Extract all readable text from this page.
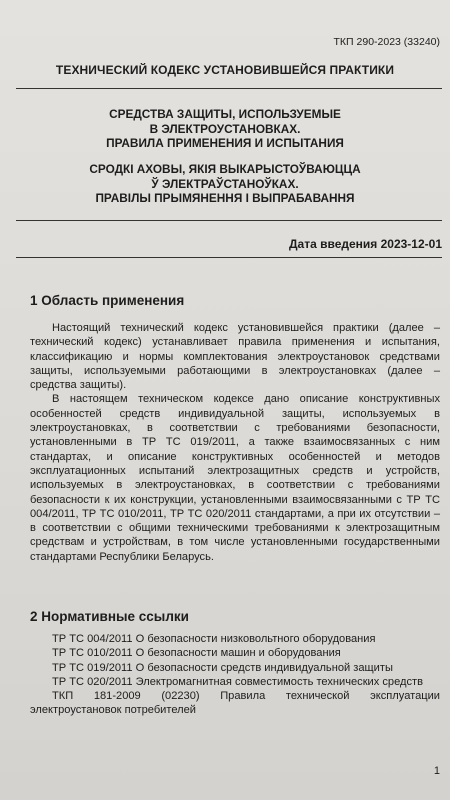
ТКП 290-2023 (33240)
ТЕХНИЧЕСКИЙ КОДЕКС УСТАНОВИВШЕЙСЯ ПРАКТИКИ
СРЕДСТВА ЗАЩИТЫ, ИСПОЛЬЗУЕМЫЕ
В ЭЛЕКТРОУСТАНОВКАХ.
ПРАВИЛА ПРИМЕНЕНИЯ И ИСПЫТАНИЯ
СРОДКІ АХОВЫ, ЯКІЯ ВЫКАРЫСТОЎВАЮЦЦА
Ў ЭЛЕКТРАЎСТАНОЎКАХ.
ПРАВІЛЫ ПРЫМЯНЕННЯ І ВЫПРАБАВАННЯ
Дата введения 2023-12-01
1 Область применения

Настоящий технический кодекс установившейся практики (далее – технический кодекс) устанавливает правила применения и испытания, классификацию и нормы комплектования электроустановок средствами защиты, используемыми работающими в электроустановках (далее – средства защиты).

В настоящем техническом кодексе дано описание конструктивных особенностей средств индивидуальной защиты, используемых в электроустановках, в соответствии с требованиями безопасности, установленными в ТР ТС 019/2011, а также взаимосвязанных с ним стандартах, и описание конструктивных особенностей и методов эксплуатационных испытаний электрозащитных средств и устройств, используемых в электроустановках, в соответствии с требованиями безопасности к их конструкции, установленными взаимосвязанными с ТР ТС 004/2011, ТР ТС 010/2011, ТР ТС 020/2011 стандартами, а при их отсутствии – в соответствии с общими техническими требованиями к электрозащитным средствам и устройствам, в том числе установленными государственными стандартами Республики Беларусь.

2 Нормативные ссылки
ТР ТС 004/2011 О безопасности низковольтного оборудования
ТР ТС 010/2011 О безопасности машин и оборудования
ТР ТС 019/2011 О безопасности средств индивидуальной защиты
ТР ТС 020/2011 Электромагнитная совместимость технических средств
ТКП 181-2009 (02230) Правила технической эксплуатации электроустановок потребителей
1
